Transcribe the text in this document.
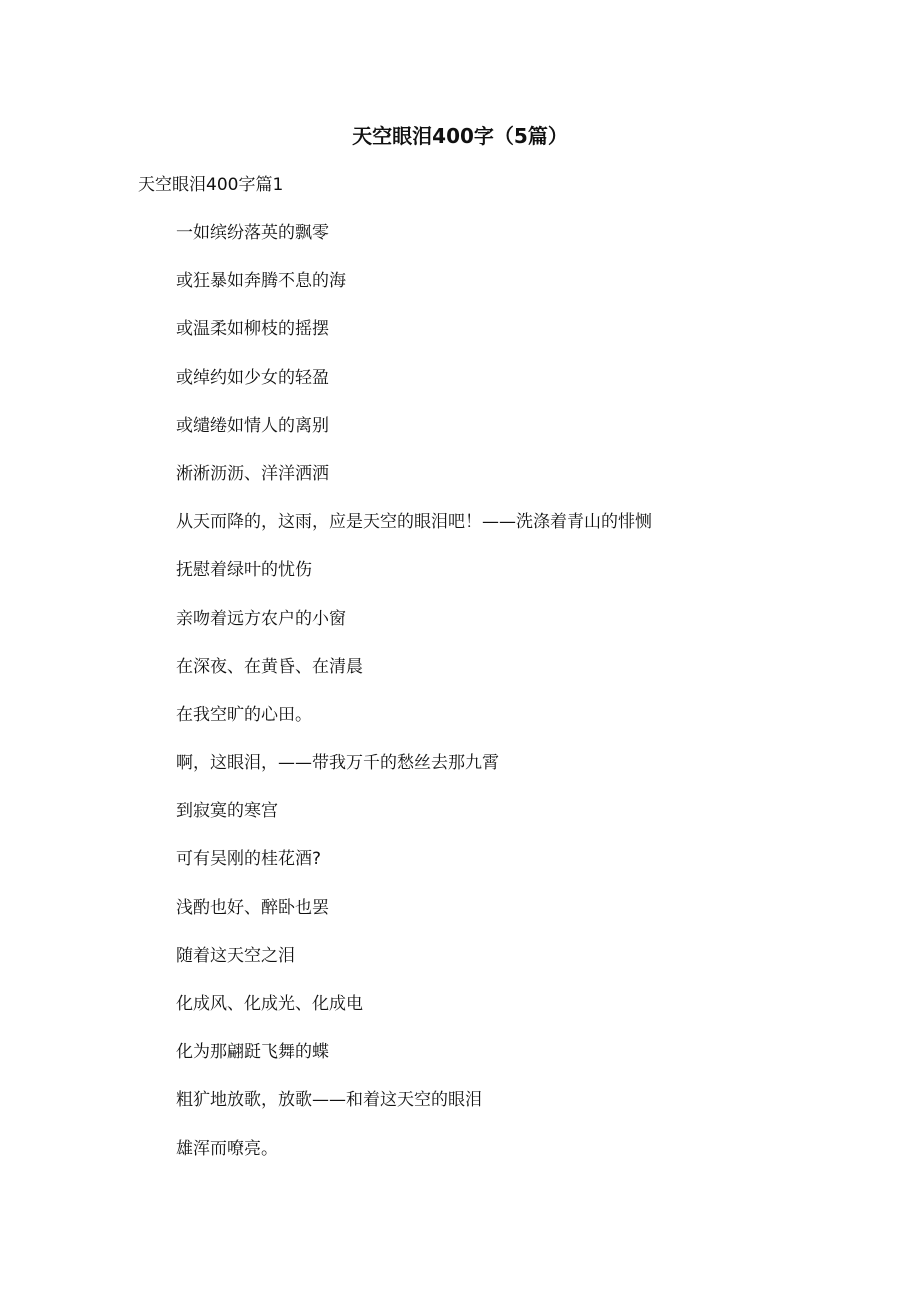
天空眼泪400字（5篇）
天空眼泪400字篇1
一如缤纷落英的飘零
或狂暴如奔腾不息的海
或温柔如柳枝的摇摆
或绰约如少女的轻盈
或缱绻如情人的离别
淅淅沥沥、洋洋洒洒
从天而降的，这雨，应是天空的眼泪吧！——洗涤着青山的悱恻
抚慰着绿叶的忧伤
亲吻着远方农户的小窗
在深夜、在黄昏、在清晨
在我空旷的心田。
啊，这眼泪，——带我万千的愁丝去那九霄
到寂寞的寒宫
可有吴刚的桂花酒?
浅酌也好、醉卧也罢
随着这天空之泪
化成风、化成光、化成电
化为那翩跹飞舞的蝶
粗犷地放歌，放歌——和着这天空的眼泪
雄浑而嘹亮。
